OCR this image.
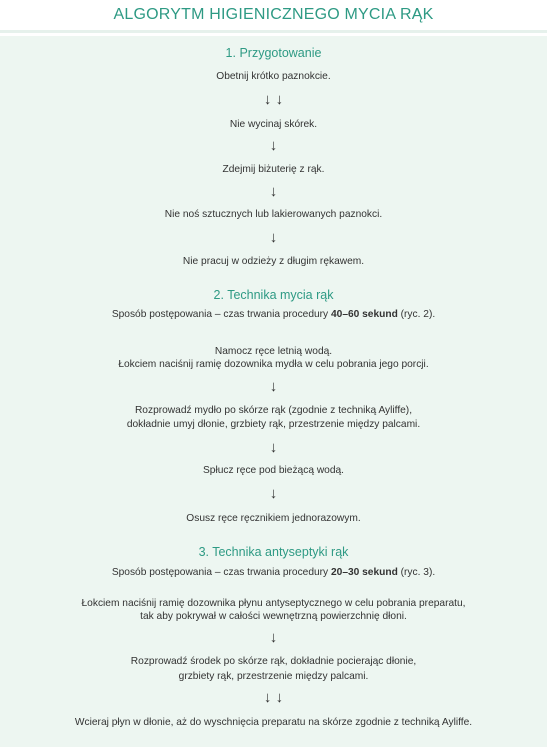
ALGORYTM HIGIENICZNEGO MYCIA RĄK
1. Przygotowanie
Obetnij krótko paznokcie.
↓ ↓
Nie wycinaj skórek.
↓
Zdejmij biżuterię z rąk.
↓
Nie noś sztucznych lub lakierowanych paznokci.
↓
Nie pracuj w odzieży z długim rękawem.
2. Technika mycia rąk
Sposób postępowania – czas trwania procedury 40–60 sekund (ryc. 2).
Namocz ręce letnią wodą.
Łokciem naciśnij ramię dozownika mydła w celu pobrania jego porcji.
↓
Rozprowadź mydło po skórze rąk (zgodnie z techniką Ayliffe),
dokładnie umyj dłonie, grzbiety rąk, przestrzenie między palcami.
↓
Spłucz ręce pod bieżącą wodą.
↓
Osusz ręce ręcznikiem jednorazowym.
3. Technika antyseptyki rąk
Sposób postępowania – czas trwania procedury 20–30 sekund (ryc. 3).
Łokciem naciśnij ramię dozownika płynu antyseptycznego w celu pobrania preparatu,
tak aby pokrywał w całości wewnętrzną powierzchnię dłoni.
↓
Rozprowadź środek po skórze rąk, dokładnie pocierając dłonie,
grzbiety rąk, przestrzenie między palcami.
↓ ↓
Wcieraj płyn w dłonie, aż do wyschnięcia preparatu na skórze zgodnie z techniką Ayliffe.
